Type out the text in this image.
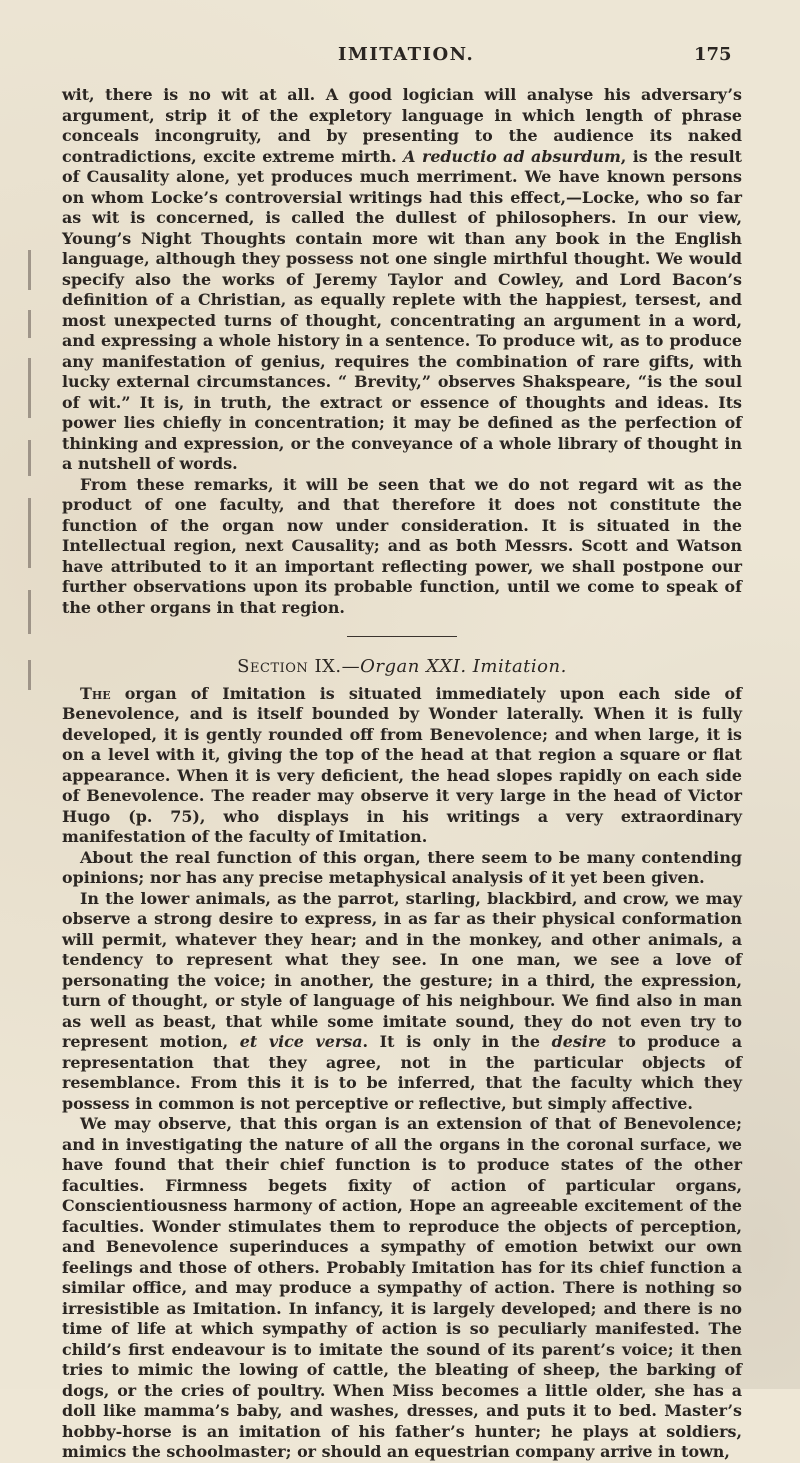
IMITATION.	175

wit, there is no wit at all. A good logician will analyse his adversary’s argument, strip it of the expletory language in which length of phrase conceals incongruity, and by presenting to the audience its naked contradictions, excite extreme mirth. A reductio ad absurdum, is the result of Causality alone, yet produces much merriment. We have known persons on whom Locke’s controversial writings had this effect,—Locke, who so far as wit is concerned, is called the dullest of philosophers. In our view, Young’s Night Thoughts contain more wit than any book in the English language, although they possess not one single mirthful thought. We would specify also the works of Jeremy Taylor and Cowley, and Lord Bacon’s definition of a Christian, as equally replete with the happiest, tersest, and most unexpected turns of thought, concentrating an argument in a word, and expressing a whole history in a sentence. To produce wit, as to produce any manifestation of genius, requires the combination of rare gifts, with lucky external circumstances. “ Brevity,” observes Shakspeare, “is the soul of wit.” It is, in truth, the extract or essence of thoughts and ideas. Its power lies chiefly in concentration; it may be defined as the perfection of thinking and expression, or the conveyance of a whole library of thought in a nutshell of words.

From these remarks, it will be seen that we do not regard wit as the product of one faculty, and that therefore it does not constitute the function of the organ now under consideration. It is situated in the Intellectual region, next Causality; and as both Messrs. Scott and Watson have attributed to it an important reflecting power, we shall postpone our further observations upon its probable function, until we come to speak of the other organs in that region.

Section IX.—Organ XXI. Imitation.

The organ of Imitation is situated immediately upon each side of Benevolence, and is itself bounded by Wonder laterally. When it is fully developed, it is gently rounded off from Benevolence; and when large, it is on a level with it, giving the top of the head at that region a square or flat appearance. When it is very deficient, the head slopes rapidly on each side of Benevolence. The reader may observe it very large in the head of Victor Hugo (p. 75), who displays in his writings a very extraordinary manifestation of the faculty of Imitation.

About the real function of this organ, there seem to be many contending opinions; nor has any precise metaphysical analysis of it yet been given.

In the lower animals, as the parrot, starling, blackbird, and crow, we may observe a strong desire to express, in as far as their physical conformation will permit, whatever they hear; and in the monkey, and other animals, a tendency to represent what they see. In one man, we see a love of personating the voice; in another, the gesture; in a third, the expression, turn of thought, or style of language of his neighbour. We find also in man as well as beast, that while some imitate sound, they do not even try to represent motion, et vice versa. It is only in the desire to produce a representation that they agree, not in the particular objects of resemblance. From this it is to be inferred, that the faculty which they possess in common is not perceptive or reflective, but simply affective.

We may observe, that this organ is an extension of that of Benevolence; and in investigating the nature of all the organs in the coronal surface, we have found that their chief function is to produce states of the other faculties. Firmness begets fixity of action of particular organs, Conscientiousness harmony of action, Hope an agreeable excitement of the faculties. Wonder stimulates them to reproduce the objects of perception, and Benevolence superinduces a sympathy of emotion betwixt our own feelings and those of others. Probably Imitation has for its chief function a similar office, and may produce a sympathy of action. There is nothing so irresistible as Imitation. In infancy, it is largely developed; and there is no time of life at which sympathy of action is so peculiarly manifested. The child’s first endeavour is to imitate the sound of its parent’s voice; it then tries to mimic the lowing of cattle, the bleating of sheep, the barking of dogs, or the cries of poultry. When Miss becomes a little older, she has a doll like mamma’s baby, and washes, dresses, and puts it to bed. Master’s hobby-horse is an imitation of his father’s hunter; he plays at soldiers, mimics the schoolmaster; or should an equestrian company arrive in town,
